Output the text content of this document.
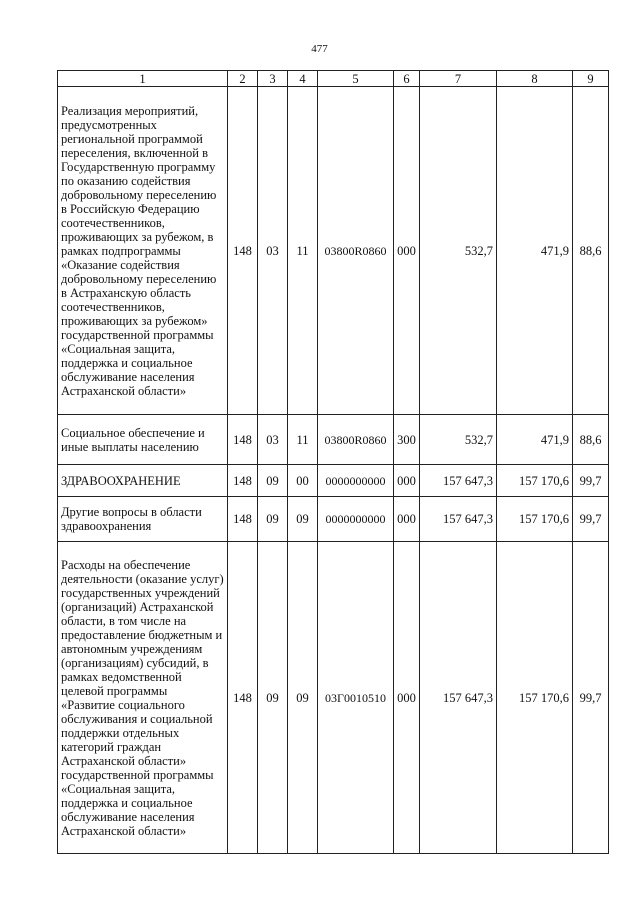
477
1	2	3	4	5	6	7	8	9
Реализация мероприятий, предусмотренных региональной программой переселения, включенной в Государственную программу по оказанию содействия добровольному переселению в Российскую Федерацию соотечественников, проживающих за рубежом, в рамках подпрограммы «Оказание содействия добровольному переселению в Астраханскую область соотечественников, проживающих за рубежом» государственной программы «Социальная защита, поддержка и социальное обслуживание населения Астраханской области»	148	03	11	03800R0860	000	532,7	471,9	88,6
Социальное обеспечение и иные выплаты населению	148	03	11	03800R0860	300	532,7	471,9	88,6
ЗДРАВООХРАНЕНИЕ	148	09	00	0000000000	000	157 647,3	157 170,6	99,7
Другие вопросы в области здравоохранения	148	09	09	0000000000	000	157 647,3	157 170,6	99,7
Расходы на обеспечение деятельности (оказание услуг) государственных учреждений (организаций) Астраханской области, в том числе на предоставление бюджетным и автономным учреждениям (организациям) субсидий, в рамках ведомственной целевой программы «Развитие социального обслуживания и социальной поддержки отдельных категорий граждан Астраханской области» государственной программы «Социальная защита, поддержка и социальное обслуживание населения Астраханской области»	148	09	09	03Г0010510	000	157 647,3	157 170,6	99,7
